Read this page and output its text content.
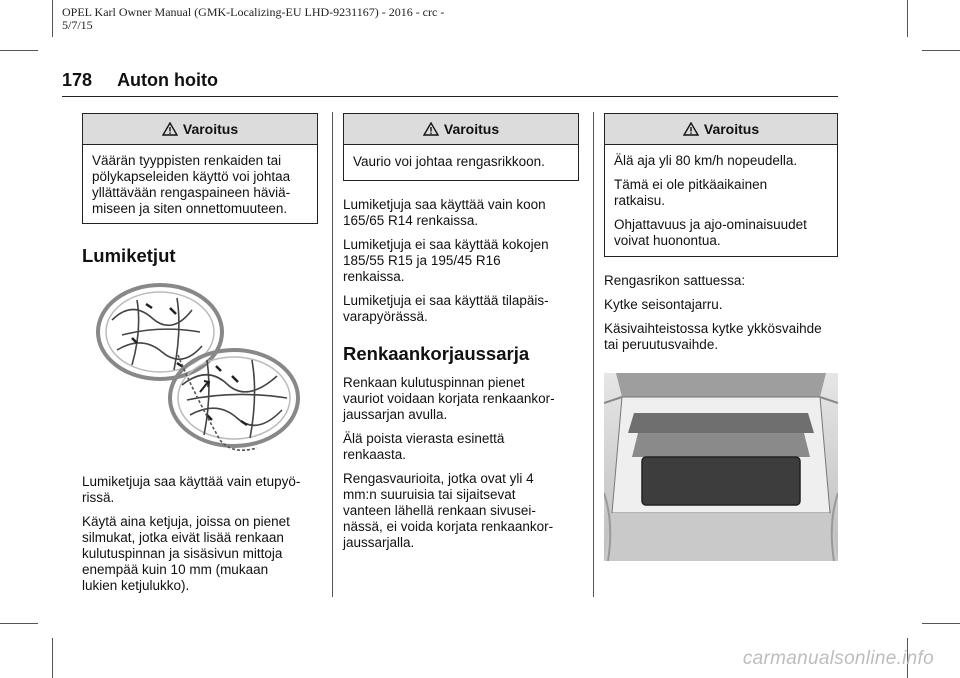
OPEL Karl Owner Manual (GMK-Localizing-EU LHD-9231167) - 2016 - crc -
5/7/15
178 Auton hoito
Varoitus
Väärän tyyppisten renkaiden tai
pölykapseleiden käyttö voi johtaa
yllättävään rengaspaineen häviä-
miseen ja siten onnettomuuteen.
Lumiketjut

Lumiketjuja saa käyttää vain etupyö-
rissä.

Käytä aina ketjuja, joissa on pienet
silmukat, jotka eivät lisää renkaan
kulutuspinnan ja sisäsivun mittoja
enempää kuin 10 mm (mukaan
lukien ketjulukko).

Varoitus
Vaurio voi johtaa rengasrikkoon.

Lumiketjuja saa käyttää vain koon
165/65 R14 renkaissa.

Lumiketjuja ei saa käyttää kokojen
185/55 R15 ja 195/45 R16
renkaissa.

Lumiketjuja ei saa käyttää tilapäis-
varapyörässä.

Renkaankorjaussarja

Renkaan kulutuspinnan pienet
vauriot voidaan korjata renkaankor-
jaussarjan avulla.

Älä poista vierasta esinettä
renkaasta.

Rengasvaurioita, jotka ovat yli 4
mm:n suuruisia tai sijaitsevat
vanteen lähellä renkaan sivusei-
nässä, ei voida korjata renkaankor-
jaussarjalla.

Varoitus

Älä aja yli 80 km/h nopeudella.

Tämä ei ole pitkäaikainen
ratkaisu.

Ohjattavuus ja ajo-ominaisuudet
voivat huonontua.

Rengasrikon sattuessa:

Kytke seisontajarru.

Käsivaihteistossa kytke ykkösvaihde
tai peruutusvaihde.

carmanualsonline.info
